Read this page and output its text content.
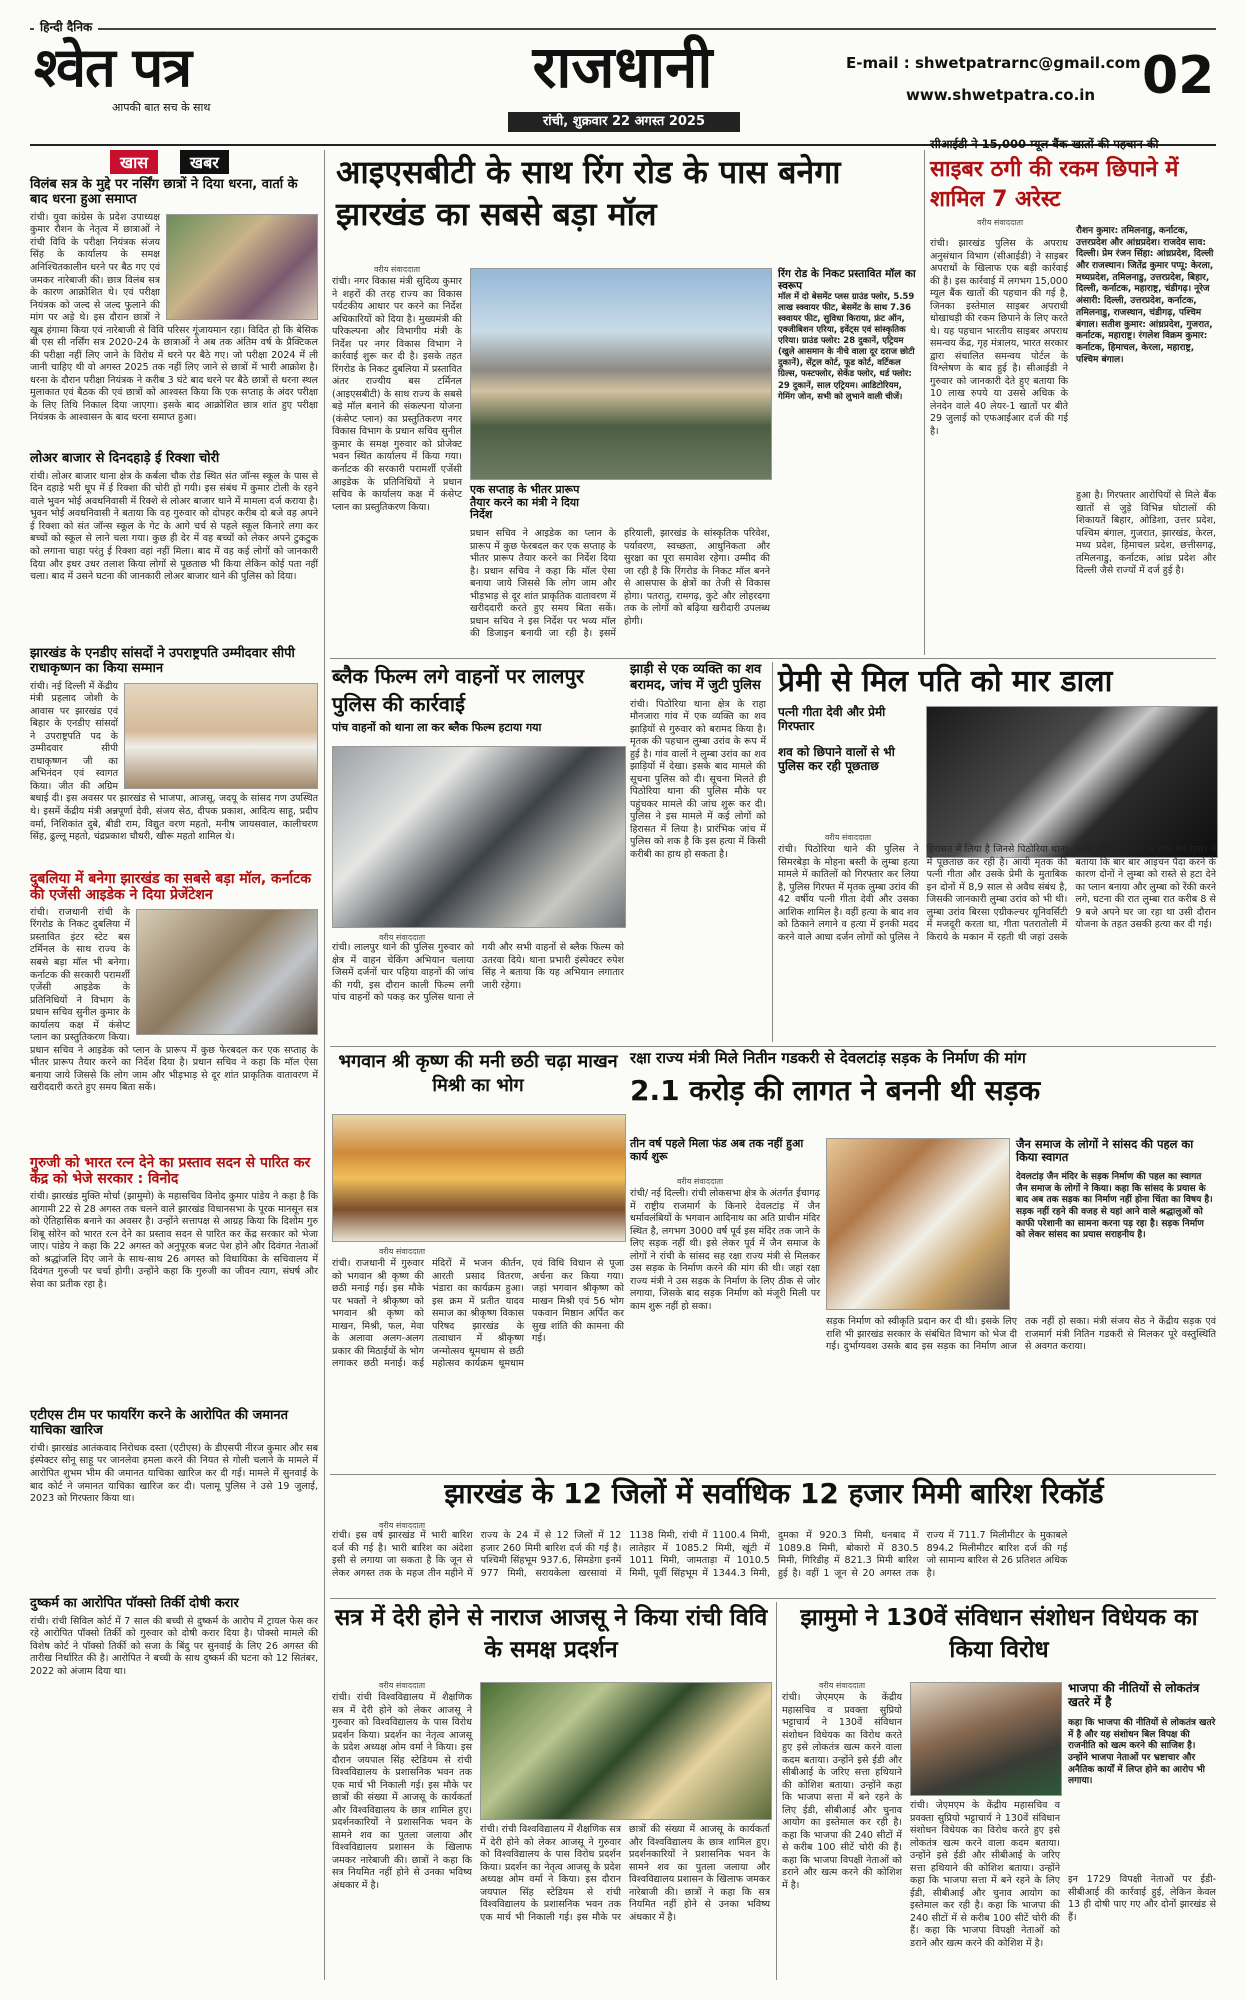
हिन्दी दैनिक
श्वेत पत्र
आपकी बात सच के साथ
राजधानी
रांची, शुक्रवार 22 अगस्त 2025
E-mail : shwetpatrarnc@gmail.com
www.shwetpatra.co.in 02
खास	खबर
विलंब सत्र के मुद्दे पर नर्सिंग छात्रों ने दिया धरना, वार्ता के बाद धरना हुआ समाप्त
रांची। युवा कांग्रेस के प्रदेश उपाध्यक्ष कुमार रौशन के नेतृत्व में छात्राओं ने रांची विवि के परीक्षा नियंत्रक संजय सिंह के कार्यालय के समक्ष अनिश्चितकालीन धरने पर बैठ गए एवं जमकर नारेबाजी की। छात्र विलंब सत्र के कारण आक्रोशित थे। एवं परीक्षा नियंत्रक को जल्द से जल्द फुलाने की मांग पर अड़े थे। इस दौरान छात्रों ने खूब हंगामा किया एवं नारेबाजी से विवि परिसर गूंजायमान रहा। विदित हो कि बेसिक बी एस सी नर्सिंग सत्र 2020-24 के छात्राओं ने अब तक अंतिम वर्ष के प्रैक्टिकल की परीक्षा नहीं लिए जाने के विरोध में धरने पर बैठे गए। जो परीक्षा 2024 में ली जानी चाहिए थी वो अगस्त 2025 तक नहीं लिए जाने से छात्रों में भारी आक्रोश है। धरना के दौरान परीक्षा नियंत्रक ने करीब 3 घंटे बाद धरने पर बैठे छात्रों से धरना स्थल मुलाकात एवं बैठक की एवं छात्रों को आश्वस्त किया कि एक सप्ताह के अंदर परीक्षा के लिए तिथि निकाल दिया जाएगा। इसके बाद आक्रोशित छात्र शांत हुए परीक्षा नियंत्रक के आश्वासन के बाद धरना समाप्त हुआ।
लोअर बाजार से दिनदहाड़े ई रिक्शा चोरी
रांची। लोअर बाजार थाना क्षेत्र के कर्बला चौक रोड स्थित संत जॉन्स स्कूल के पास से दिन दहाड़े भरी धूप में ई रिक्शा की चोरी हो गयी। इस संबंध में कुमार टोली के रहने वाले भुवन भोई अवधनिवासी में रिक्शे से लोअर बाजार थाने में मामला दर्ज कराया है। भुवन भोई अवधनिवासी ने बताया कि वह गुरुवार को दोपहर करीब दो बजे वह अपने ई रिक्शा को संत जॉन्स स्कूल के गेट के आगे चर्च से पहले स्कूल किनारे लगा कर बच्चों को स्कूल से लाने चला गया। कुछ ही देर में वह बच्चों को लेकर अपने टुकटुक को लगाना चाहा परंतु ई रिक्शा वहां नहीं मिला। बाद में वह कई लोगों को जानकारी दिया और इधर उधर तलाश किया लोगों से पूछताछ भी किया लेकिन कोई पता नहीं चला। बाद में उसने घटना की जानकारी लोअर बाजार थाने की पुलिस को दिया।
झारखंड के एनडीए सांसदों ने उपराष्ट्रपति उम्मीदवार सीपी राधाकृष्णन का किया सम्मान
रांची। नई दिल्ली में केंद्रीय मंत्री प्रहलाद जोशी के आवास पर झारखंड एवं बिहार के एनडीए सांसदों ने उपराष्ट्रपति पद के उम्मीदवार सीपी राधाकृष्णन जी का अभिनंदन एवं स्वागत किया। जीत की अग्रिम बधाई दी। इस अवसर पर झारखंड से भाजपा, आजसू, जदयू के सांसद गण उपस्थित थे। इसमें केंद्रीय मंत्री अन्नपूर्णा देवी, संजय सेठ, दीपक प्रकाश, आदित्य साहू, प्रदीप वर्मा, निशिकांत दुबे, बीडी राम, विद्युत वरण महतो, मनीष जायसवाल, कालीचरण सिंह, ढुल्लू महतो, चंद्रप्रकाश चौधरी, खीरू महतो शामिल थे।
दुबलिया में बनेगा झारखंड का सबसे बड़ा मॉल, कर्नाटक की एजेंसी आइडेक ने दिया प्रेजेंटेशन
रांची। राजधानी रांची के रिंगरोड के निकट दुबलिया में प्रस्तावित इंटर स्टेट बस टर्मिनल के साथ राज्य के सबसे बड़ा मॉल भी बनेगा। कर्नाटक की सरकारी परामर्शी एजेंसी आइडेक के प्रतिनिधियों ने विभाग के प्रधान सचिव सुनील कुमार के कार्यालय कक्ष में कंसेप्ट प्लान का प्रस्तुतिकरण किया। प्रधान सचिव ने आइडेक को प्लान के प्रारूप में कुछ फेरबदल कर एक सप्ताह के भीतर प्रारूप तैयार करने का निर्देश दिया है। प्रधान सचिव ने कहा कि मॉल ऐसा बनाया जाये जिससे कि लोग जाम और भीड़भाड़ से दूर शांत प्राकृतिक वातावरण में खरीददारी करते हुए समय बिता सकें।
गुरुजी को भारत रत्न देने का प्रस्ताव सदन से पारित कर केंद्र को भेजे सरकार : विनोद
रांची। झारखंड मुक्ति मोर्चा (झामुमो) के महासचिव विनोद कुमार पांडेय ने कहा है कि आगामी 22 से 28 अगस्त तक चलने वाले झारखंड विधानसभा के पूरक मानसून सत्र को ऐतिहासिक बनाने का अवसर है। उन्होंने सत्तापक्ष से आग्रह किया कि दिशोम गुरु शिबू सोरेन को भारत रत्न देने का प्रस्ताव सदन से पारित कर केंद्र सरकार को भेजा जाए। पांडेय ने कहा कि 22 अगस्त को अनुपूरक बजट पेश होने और दिवंगत नेताओं को श्रद्धांजलि दिए जाने के साथ-साथ 26 अगस्त को विधायिका के सचिवालय में दिवंगत गुरुजी पर चर्चा होगी। उन्होंने कहा कि गुरुजी का जीवन त्याग, संघर्ष और सेवा का प्रतीक रहा है।
एटीएस टीम पर फायरिंग करने के आरोपित की जमानत याचिका खारिज
रांची। झारखंड आतंकवाद निरोधक दस्ता (एटीएस) के डीएसपी नीरज कुमार और सब इंस्पेक्टर सोनू साहू पर जानलेवा हमला करने की नियत से गोली चलाने के मामले में आरोपित शुभम भीम की जमानत याचिका खारिज कर दी गई। मामले में सुनवाई के बाद कोर्ट ने जमानत याचिका खारिज कर दी। पलामू पुलिस ने उसे 19 जुलाई, 2023 को गिरफ्तार किया था।
दुष्कर्म का आरोपित पॉक्सो तिर्की दोषी करार
रांची। रांची सिविल कोर्ट में 7 साल की बच्ची से दुष्कर्म के आरोप में ट्रायल फेस कर रहे आरोपित पॉक्सो तिर्की को गुरुवार को दोषी करार दिया है। पोक्सो मामले की विशेष कोर्ट ने पॉक्सो तिर्की को सजा के बिंदु पर सुनवाई के लिए 26 अगस्त की तारीख निर्धारित की है। आरोपित ने बच्ची के साथ दुष्कर्म की घटना को 12 सितंबर, 2022 को अंजाम दिया था।
आइएसबीटी के साथ रिंग रोड के पास बनेगा झारखंड का सबसे बड़ा मॉल
वरीय संवाददाता
रांची। नगर विकास मंत्री सुदिव्य कुमार ने शहरों की तरह राज्य का विकास पर्यटकीय आधार पर करने का निर्देश अधिकारियों को दिया है। मुख्यमंत्री की परिकल्पना और विभागीय मंत्री के निर्देश पर नगर विकास विभाग ने कार्रवाई शुरू कर दी है। इसके तहत रिंगरोड के निकट दुबलिया में प्रस्तावित अंतर राज्यीय बस टर्मिनल (आइएसबीटी) के साथ राज्य के सबसे बड़े मॉल बनाने की संकल्पना योजना (कंसेप्ट प्लान) का प्रस्तुतिकरण नगर विकास विभाग के प्रधान सचिव सुनील कुमार के समक्ष गुरुवार को प्रोजेक्ट भवन स्थित कार्यालय में किया गया। कर्नाटक की सरकारी परामर्शी एजेंसी आइडेक के प्रतिनिधियों ने प्रधान सचिव के कार्यालय कक्ष में कंसेप्ट प्लान का प्रस्तुतिकरण किया।
एक सप्ताह के भीतर प्रारूप तैयार करने का मंत्री ने दिया निर्देश
प्रधान सचिव ने आइडेक का प्लान के प्रारूप में कुछ फेरबदल कर एक सप्ताह के भीतर प्रारूप तैयार करने का निर्देश दिया है। प्रधान सचिव ने कहा कि मॉल ऐसा बनाया जाये जिससे कि लोग जाम और भीड़भाड़ से दूर शांत प्राकृतिक वातावरण में खरीददारी करते हुए समय बिता सकें। प्रधान सचिव ने इस निर्देश पर भव्य मॉल की डिजाइन बनायी जा रही है। इसमें हरियाली, झारखंड के सांस्कृतिक परिवेश, पर्यावरण, स्वच्छता, आधुनिकता और सुरक्षा का पूरा समावेश रहेगा। उम्मीद की जा रही है कि रिंगरोड के निकट मॉल बनने से आसपास के क्षेत्रों का तेजी से विकास होगा। पतरातु, रामगढ़, कुटे और लोहरदगा तक के लोगों को बढ़िया खरीदारी उपलब्ध होगी।
रिंग रोड के निकट प्रस्तावित मॉल का स्वरूप
मॉल में दो बेसमेंट प्लस ग्राउंड फ्लोर, 5.59 लाख स्क्वायर फीट, बेसमेंट के साथ 7.36 स्क्वायर फीट, सुविधा किराया, फ्रंट ऑन, एक्जीबिशन एरिया, इवेंट्स एवं सांस्कृतिक एरिया। ग्राउंड फ्लोर: 28 दुकानें, एट्रियम (खुले आसमान के नीचे वाला दूर दराज छोटी दुकानें), सेंट्रल कोर्ट, फूड कोर्ट, वर्टिकल ग्रिल्स, फस्टफ्लोर, सेकेंड फ्लोर, थर्ड फ्लोर: 29 दुकानें, साल एट्रियम। आडिटोरियम, गेमिंग जोन, सभी को लुभाने वाली चीजें।
सीआईडी ने 15,000 म्यूल बैंक खातों की पहचान की
साइबर ठगी की रकम छिपाने में शामिल 7 अरेस्ट
वरीय संवाददाता
रांची। झारखंड पुलिस के अपराध अनुसंधान विभाग (सीआईडी) ने साइबर अपराधों के खिलाफ एक बड़ी कार्रवाई की है। इस कार्रवाई में लगभग 15,000 म्यूल बैंक खातों की पहचान की गई है, जिनका इस्तेमाल साइबर अपराधी धोखाधड़ी की रकम छिपाने के लिए करते थे। यह पहचान भारतीय साइबर अपराध समन्वय केंद्र, गृह मंत्रालय, भारत सरकार द्वारा संचालित समन्वय पोर्टल के विश्लेषण के बाद हुई है। सीआईडी ने गुरुवार को जानकारी देते हुए बताया कि 10 लाख रुपये या उससे अधिक के लेनदेन वाले 40 लेयर-1 खातों पर बीते 29 जुलाई को एफआईआर दर्ज की गई है।
रौशन कुमार: तमिलनाडु, कर्नाटक, उत्तरप्रदेश और आंध्रप्रदेश। राजदेव साव: दिल्ली। प्रेम रंजन सिंहा: आंध्रप्रदेश, दिल्ली और राजस्थान। जितेंद्र कुमार पप्पू: केरला, मध्यप्रदेश, तमिलनाडु, उत्तरप्रदेश, बिहार, दिल्ली, कर्नाटक, महाराष्ट्र, चंडीगढ़। नूरेज अंसारी: दिल्ली, उत्तरप्रदेश, कर्नाटक, तमिलनाडु, राजस्थान, चंडीगढ़, पश्चिम बंगाल। सतीश कुमार: आंध्रप्रदेश, गुजरात, कर्नाटक, महाराष्ट्र। रंगलेश विक्रम कुमार: कर्नाटक, हिमाचल, केरला, महाराष्ट्र, पश्चिम बंगाल।
हुआ है। गिरफ्तार आरोपियों से मिले बैंक खातों से जुड़े विभिन्न घोटालों की शिकायतें बिहार, ओडिशा, उत्तर प्रदेश, पश्चिम बंगाल, गुजरात, झारखंड, केरल, मध्य प्रदेश, हिमाचल प्रदेश, छत्तीसगढ़, तमिलनाडु, कर्नाटक, आंध्र प्रदेश और दिल्ली जैसे राज्यों में दर्ज हुई है।
ब्लैक फिल्म लगे वाहनों पर लालपुर पुलिस की कार्रवाई
पांच वाहनों को थाना ला कर ब्लैक फिल्म हटाया गया
वरीय संवाददाता
रांची। लालपुर थाने की पुलिस गुरुवार को क्षेत्र में वाहन चेकिंग अभियान चलाया जिसमें दर्जनों चार पहिया वाहनों की जांच की गयी, इस दौरान काली फिल्म लगी पांच वाहनों को पकड़ कर पुलिस थाना ले गयी और सभी वाहनों से ब्लैक फिल्म को उतरवा दिये। थाना प्रभारी इंस्पेक्टर रुपेश सिंह ने बताया कि यह अभियान लगातार जारी रहेगा।
झाड़ी से एक व्यक्ति का शव बरामद, जांच में जुटी पुलिस
रांची। पिठोरिया थाना क्षेत्र के राहा मौनजारा गांव में एक व्यक्ति का शव झाड़ियों से गुरुवार को बरामद किया है। मृतक की पहचान लुम्बा उरांव के रूप में हुई है। गांव वालों ने लुम्बा उरांव का शव झाड़ियों में देखा। इसके बाद मामले की सूचना पुलिस को दी। सूचना मिलते ही पिठोरिया थाना की पुलिस मौके पर पहुंचकर मामले की जांच शुरू कर दी। पुलिस ने इस मामले में कई लोगों को हिरासत में लिया है। प्रारंभिक जांच में पुलिस को शक है कि इस हत्या में किसी करीबी का हाथ हो सकता है।
प्रेमी से मिल पति को मार डाला
पत्नी गीता देवी और प्रेमी गिरफ्तार
शव को छिपाने वालों से भी पुलिस कर रही पूछताछ
वरीय संवाददाता
रांची। पिठोरिया थाने की पुलिस ने सिमरबेड़ा के मोहना बस्ती के लुम्बा हत्या मामले में कातिलों को गिरफ्तार कर लिया है, पुलिस गिरफ्त में मृतक लुम्बा उरांव की 42 वर्षीय पत्नी गीता देवी और उसका आशिक शामिल है। वहीं हत्या के बाद शव को ठिकाने लगाने व हत्या में इनकी मदद करने वाले आधा दर्जन लोगों को पुलिस ने हिरासत में लिया है जिनसे पिठोरिया थाना में पूछताछ कर रही है। आयी मृतक की पत्नी गीता और उसके प्रेमी के मुताबिक इन दोनों में 8,9 साल से अवैध संबंध है, जिसकी जानकारी लुम्बा उरांव को भी थी। लुम्बा उरांव बिरसा एग्रीकल्चर यूनिवर्सिटी में मजदूरी करता था, गीता पतरातोली में किराये के मकान में रहती थी जहां उसके अवैध संबंध आरोपी के साथ बन गया। ने बताया कि बार बार आइचन पैदा करने के कारण दोनों ने लुम्बा को रास्ते से हटा देने का प्लान बनाया और लुम्बा को रेंकी करने लगे, घटना की रात लुम्बा रात करीब 8 से 9 बजे अपने घर जा रहा था उसी दौरान योजना के तहत उसकी हत्या कर दी गई।
भगवान श्री कृष्ण की मनी छठी चढ़ा माखन मिश्री का भोग
वरीय संवाददाता
रांची। राजधानी में गुरुवार को भगवान श्री कृष्ण की छठी मनाई गई। इस मौके पर भक्तों ने श्रीकृष्ण को भगवान श्री कृष्ण को माखन, मिश्री, फल, मेवा के अलावा अलग-अलग प्रकार की मिठाईयों के भोग लगाकर छठी मनाई। कई मंदिरों में भजन कीर्तन, आरती प्रसाद वितरण, भंडारा का कार्यक्रम हुआ। इस क्रम में प्रतीत यादव समाज का श्रीकृष्ण विकास परिषद झारखंड के तत्वाधान में श्रीकृष्ण जन्मोत्सव धूमधाम से छठी महोत्सव कार्यक्रम धूमधाम एवं विधि विधान से पूजा अर्चना कर किया गया। जहां भगवान श्रीकृष्ण को माखन मिश्री एवं 56 भोग पकवान मिष्ठान अर्पित कर सुख शांति की कामना की गई।
रक्षा राज्य मंत्री मिले नितीन गडकरी से देवलटांड़ सड़क के निर्माण की मांग
2.1 करोड़ की लागत ने बननी थी सड़क
तीन वर्ष पहले मिला फंड अब तक नहीं हुआ कार्य शुरू
वरीय संवाददाता
रांची/ नई दिल्ली। रांची लोकसभा क्षेत्र के अंतर्गत ईचागढ़ में राष्ट्रीय राजमार्ग के किनारे देवलटांड़ में जैन धर्मावलंबियों के भगवान आदिनाथ का अति प्राचीन मंदिर स्थित है, लगभग 3000 वर्ष पूर्व इस मंदिर तक जाने के लिए सड़क नहीं थी। इसे लेकर पूर्व में जैन समाज के लोगों ने रांची के सांसद सह रक्षा राज्य मंत्री से मिलकर उस सड़क के निर्माण करने की मांग की थी। जहां रक्षा राज्य मंत्री ने उस सड़क के निर्माण के लिए ठीक से जोर लगाया, जिसके बाद सड़क निर्माण को मंजूरी मिली पर काम शुरू नहीं हो सका।
जैन समाज के लोगों ने सांसद की पहल का किया स्वागत
देवलटांड़ जैन मंदिर के सड़क निर्माण की पहल का स्वागत जैन समाज के लोगों ने किया। कहा कि सांसद के प्रयास के बाद अब तक सड़क का निर्माण नहीं होना चिंता का विषय है। सड़क नहीं रहने की वजह से यहां आने वाले श्रद्धालुओं को काफी परेशानी का सामना करना पड़ रहा है। सड़क निर्माण को लेकर सांसद का प्रयास सराहनीय है।
सड़क निर्माण को स्वीकृति प्रदान कर दी थी। इसके लिए राशि भी झारखंड सरकार के संबंधित विभाग को भेज दी गई। दुर्भाग्यवश उसके बाद इस सड़क का निर्माण आज तक नहीं हो सका। मंत्री संजय सेठ ने केंद्रीय सड़क एवं राजमार्ग मंत्री नितिन गडकरी से मिलकर पूरे वस्तुस्थिति से अवगत कराया।
झारखंड के 12 जिलों में सर्वाधिक 12 हजार मिमी बारिश रिकॉर्ड
वरीय संवाददाता
रांची। इस वर्ष झारखंड में भारी बारिश दर्ज की गई है। भारी बारिश का अंदेशा इसी से लगाया जा सकता है कि जून से लेकर अगस्त तक के महज तीन महीने में राज्य के 24 में से 12 जिलों में 12 हजार 260 मिमी बारिश दर्ज की गई है। पश्चिमी सिंहभूम 937.6, सिमडेगा इनमें 977 मिमी, सरायकेला खरसावां में 1138 मिमी, रांची में 1100.4 मिमी, लातेहार में 1085.2 मिमी, खूंटी में 1011 मिमी, जामताड़ा में 1010.5 मिमी, पूर्वी सिंहभूम में 1344.3 मिमी, दुमका में 920.3 मिमी, धनबाद में 1089.8 मिमी, बोकारो में 830.5 मिमी, गिरिडीह में 821.3 मिमी बारिश हुई है। वहीं 1 जून से 20 अगस्त तक राज्य में 711.7 मिलीमीटर के मुकाबले 894.2 मिलीमीटर बारिश दर्ज की गई जो सामान्य बारिश से 26 प्रतिशत अधिक है।
सत्र में देरी होने से नाराज आजसू ने किया रांची विवि के समक्ष प्रदर्शन
वरीय संवाददाता
रांची। रांची विश्वविद्यालय में शैक्षणिक सत्र में देरी होने को लेकर आजसू ने गुरुवार को विश्वविद्यालय के पास विरोध प्रदर्शन किया। प्रदर्शन का नेतृत्व आजसू के प्रदेश अध्यक्ष ओम वर्मा ने किया। इस दौरान जयपाल सिंह स्टेडियम से रांची विश्वविद्यालय के प्रशासनिक भवन तक एक मार्च भी निकाली गई। इस मौके पर छात्रों की संख्या में आजसू के कार्यकर्ता और विश्वविद्यालय के छात्र शामिल हुए। प्रदर्शनकारियों ने प्रशासनिक भवन के सामने शव का पुतला जलाया और विश्वविद्यालय प्रशासन के खिलाफ जमकर नारेबाजी की। छात्रों ने कहा कि सत्र नियमित नहीं होने से उनका भविष्य अंधकार में है।
रांची। रांची विश्वविद्यालय में शैक्षणिक सत्र में देरी होने को लेकर आजसू ने गुरुवार को विश्वविद्यालय के पास विरोध प्रदर्शन किया। प्रदर्शन का नेतृत्व आजसू के प्रदेश अध्यक्ष ओम वर्मा ने किया। इस दौरान जयपाल सिंह स्टेडियम से रांची विश्वविद्यालय के प्रशासनिक भवन तक एक मार्च भी निकाली गई। इस मौके पर छात्रों की संख्या में आजसू के कार्यकर्ता और विश्वविद्यालय के छात्र शामिल हुए। प्रदर्शनकारियों ने प्रशासनिक भवन के सामने शव का पुतला जलाया और विश्वविद्यालय प्रशासन के खिलाफ जमकर नारेबाजी की। छात्रों ने कहा कि सत्र नियमित नहीं होने से उनका भविष्य अंधकार में है।
झामुमो ने 130वें संविधान संशोधन विधेयक का किया विरोध
वरीय संवाददाता
रांची। जेएमएम के केंद्रीय महासचिव व प्रवक्ता सुप्रियो भट्टाचार्य ने 130वें संविधान संशोधन विधेयक का विरोध करते हुए इसे लोकतंत्र खत्म करने वाला कदम बताया। उन्होंने इसे ईडी और सीबीआई के जरिए सत्ता हथियाने की कोशिश बताया। उन्होंने कहा कि भाजपा सत्ता में बने रहने के लिए ईडी, सीबीआई और चुनाव आयोग का इस्तेमाल कर रही है। कहा कि भाजपा की 240 सीटों में से करीब 100 सीटें चोरी की हैं। कहा कि भाजपा विपक्षी नेताओं को डराने और खत्म करने की कोशिश में है।
रांची। जेएमएम के केंद्रीय महासचिव व प्रवक्ता सुप्रियो भट्टाचार्य ने 130वें संविधान संशोधन विधेयक का विरोध करते हुए इसे लोकतंत्र खत्म करने वाला कदम बताया। उन्होंने इसे ईडी और सीबीआई के जरिए सत्ता हथियाने की कोशिश बताया। उन्होंने कहा कि भाजपा सत्ता में बने रहने के लिए ईडी, सीबीआई और चुनाव आयोग का इस्तेमाल कर रही है। कहा कि भाजपा की 240 सीटों में से करीब 100 सीटें चोरी की हैं। कहा कि भाजपा विपक्षी नेताओं को डराने और खत्म करने की कोशिश में है।
भाजपा की नीतियों से लोकतंत्र खतरे में है
कहा कि भाजपा की नीतियों से लोकतंत्र खतरे में है और यह संशोधन बिल विपक्ष की राजनीति को खत्म करने की साजिश है। उन्होंने भाजपा नेताओं पर भ्रष्टाचार और अनैतिक कार्यों में लिप्त होने का आरोप भी लगाया।
इन 1729 विपक्षी नेताओं पर ईडी-सीबीआई की कार्रवाई हुई, लेकिन केवल 13 ही दोषी पाए गए और दोनों झारखंड से हैं।
